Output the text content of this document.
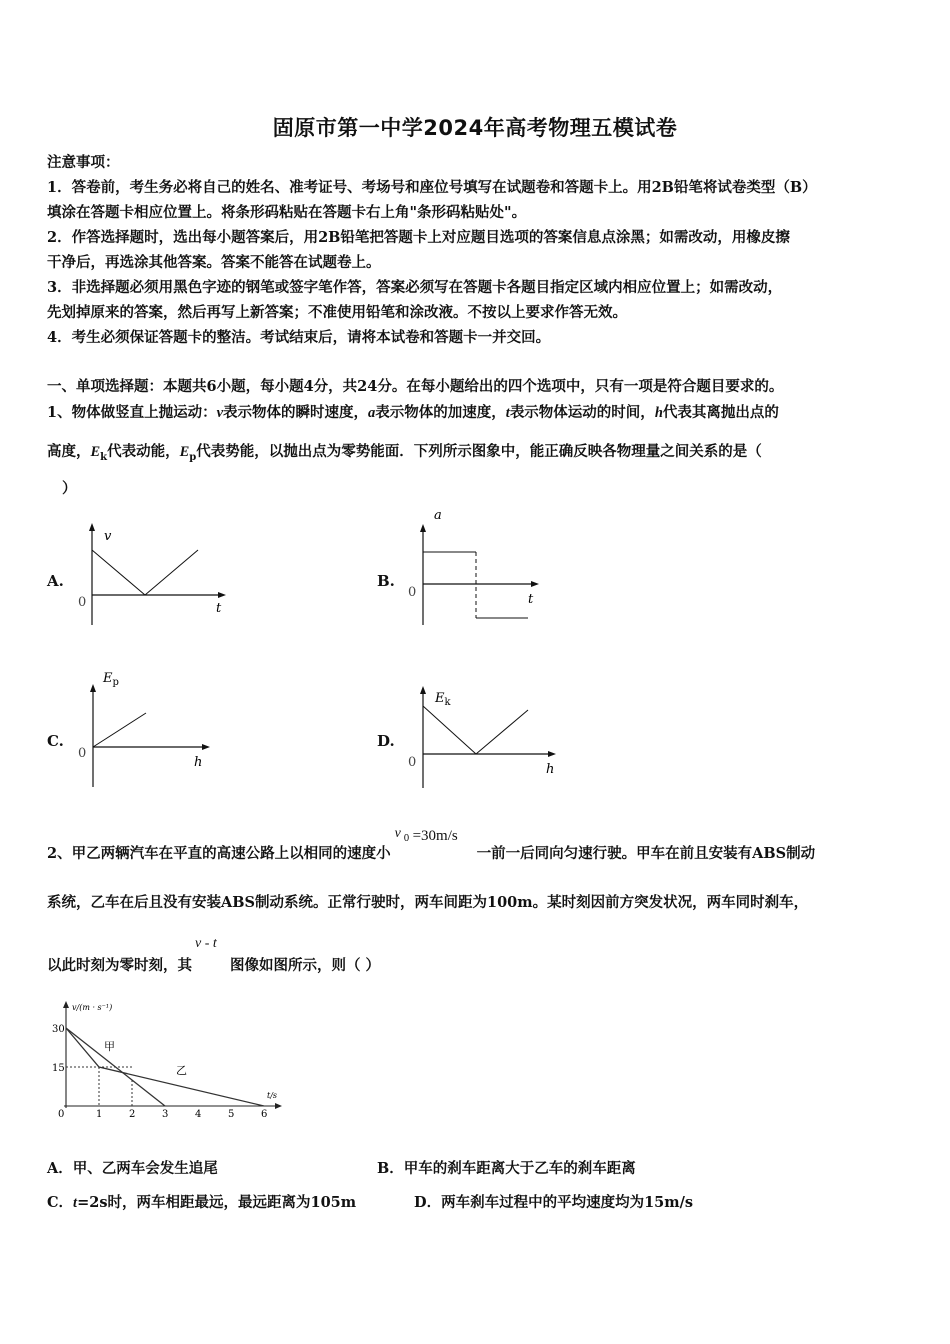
固原市第一中学2024年高考物理五模试卷
注意事项：
1．答卷前，考生务必将自己的姓名、准考证号、考场号和座位号填写在试题卷和答题卡上。用2B铅笔将试卷类型（B）
填涂在答题卡相应位置上。将条形码粘贴在答题卡右上角"条形码粘贴处"。
2．作答选择题时，选出每小题答案后，用2B铅笔把答题卡上对应题目选项的答案信息点涂黑；如需改动，用橡皮擦
干净后，再选涂其他答案。答案不能答在试题卷上。
3．非选择题必须用黑色字迹的钢笔或签字笔作答，答案必须写在答题卡各题目指定区域内相应位置上；如需改动，
先划掉原来的答案，然后再写上新答案；不准使用铅笔和涂改液。不按以上要求作答无效。
4．考生必须保证答题卡的整洁。考试结束后，请将本试卷和答题卡一并交回。
一、单项选择题：本题共6小题，每小题4分，共24分。在每小题给出的四个选项中，只有一项是符合题目要求的。
1、物体做竖直上抛运动：v表示物体的瞬时速度，a表示物体的加速度，t表示物体运动的时间，h代表其离抛出点的
高度，$E_k$代表动能，$E_p$代表势能，以抛出点为零势能面．下列所示图象中，能正确反映各物理量之间关系的是（
）
A.
v
0	t
B.
a
0	t
C.
$E_p$
0
h
D.
$E_k$
0	h
2、甲乙两辆汽车在平直的高速公路上以相同的速度小
v 0 =30m/s
一前一后同向匀速行驶。甲车在前且安装有ABS制动
系统，乙车在后且没有安装ABS制动系统。正常行驶时，两车间距为100m。某时刻因前方突发状况，两车同时刹车，
以此时刻为零时刻，其
v - t
图像如图所示，则（ ）
30
15
0	1	2	3	4	5	6
v/(m · s⁻¹)
t/s
甲
乙
A．甲、乙两车会发生追尾	B．甲车的刹车距离大于乙车的刹车距离
C．t=2s时，两车相距最远，最远距离为105m	D．两车刹车过程中的平均速度均为15m/s
